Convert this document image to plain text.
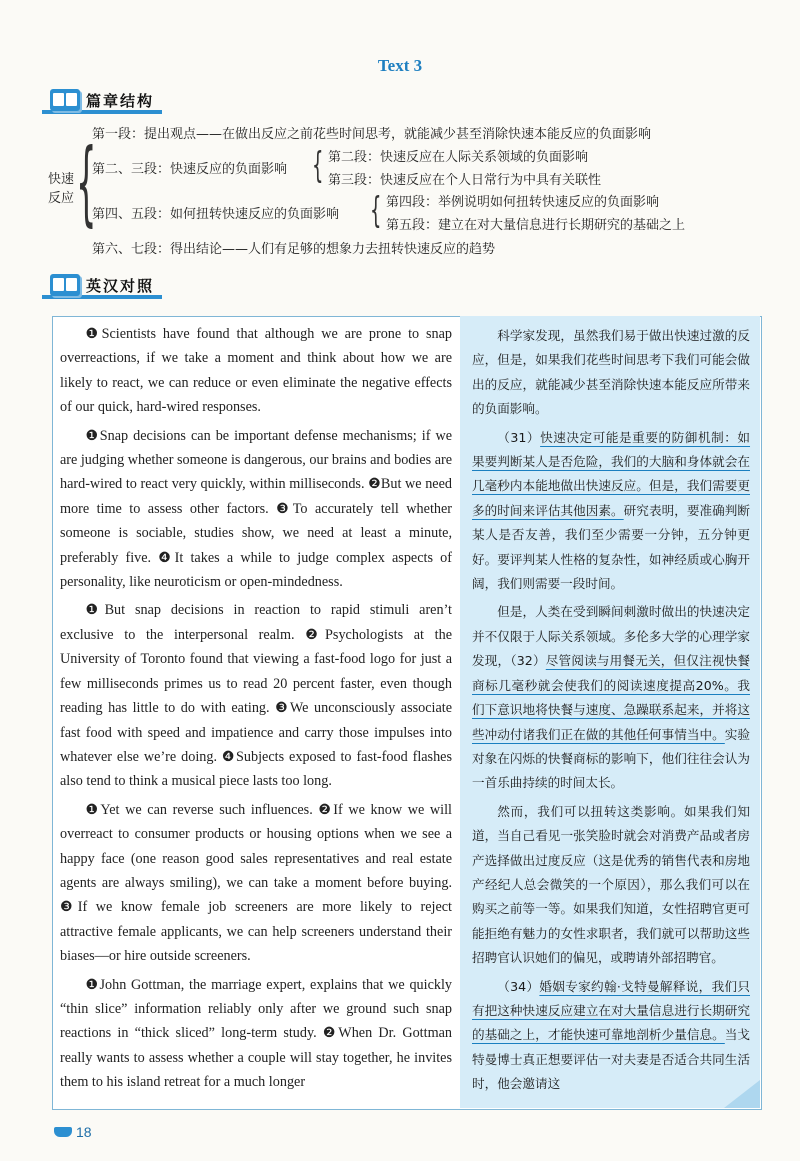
Text 3
篇章结构
快速反应 {
第一段：提出观点——在做出反应之前花些时间思考，就能减少甚至消除快速本能反应的负面影响
第二、三段：快速反应的负面影响 { 第二段：快速反应在人际关系领域的负面影响
第三段：快速反应在个人日常行为中具有关联性
第四、五段：如何扭转快速反应的负面影响 { 第四段：举例说明如何扭转快速反应的负面影响
第五段：建立在对大量信息进行长期研究的基础之上
第六、七段：得出结论——人们有足够的想象力去扭转快速反应的趋势
英汉对照

❶Scientists have found that although we are prone to snap overreactions, if we take a moment and think about how we are likely to react, we can reduce or even eliminate the negative effects of our quick, hard-wired responses.

❶Snap decisions can be important defense mechanisms; if we are judging whether someone is dangerous, our brains and bodies are hard-wired to react very quickly, within milliseconds. ❷But we need more time to assess other factors. ❸To accurately tell whether someone is sociable, studies show, we need at least a minute, preferably five. ❹It takes a while to judge complex aspects of personality, like neuroticism or open-mindedness.

❶But snap decisions in reaction to rapid stimuli aren’t exclusive to the interpersonal realm. ❷Psychologists at the University of Toronto found that viewing a fast-food logo for just a few milliseconds primes us to read 20 percent faster, even though reading has little to do with eating. ❸We unconsciously associate fast food with speed and impatience and carry those impulses into whatever else we’re doing. ❹Subjects exposed to fast-food flashes also tend to think a musical piece lasts too long.

❶Yet we can reverse such influences. ❷If we know we will overreact to consumer products or housing options when we see a happy face (one reason good sales representatives and real estate agents are always smiling), we can take a moment before buying. ❸If we know female job screeners are more likely to reject attractive female applicants, we can help screeners understand their biases—or hire outside screeners.

❶John Gottman, the marriage expert, explains that we quickly “thin slice” information reliably only after we ground such snap reactions in “thick sliced” long-term study. ❷When Dr. Gottman really wants to assess whether a couple will stay together, he invites them to his island retreat for a much longer

科学家发现，虽然我们易于做出快速过激的反应，但是，如果我们花些时间思考下我们可能会做出的反应，就能减少甚至消除快速本能反应所带来的负面影响。

（31）快速决定可能是重要的防御机制：如果要判断某人是否危险，我们的大脑和身体就会在几毫秒内本能地做出快速反应。但是，我们需要更多的时间来评估其他因素。研究表明，要准确判断某人是否友善，我们至少需要一分钟，五分钟更好。要评判某人性格的复杂性，如神经质或心胸开阔，我们则需要一段时间。

但是，人类在受到瞬间刺激时做出的快速决定并不仅限于人际关系领域。多伦多大学的心理学家发现，（32）尽管阅读与用餐无关，但仅注视快餐商标几毫秒就会使我们的阅读速度提高20%。我们下意识地将快餐与速度、急躁联系起来，并将这些冲动付诸我们正在做的其他任何事情当中。实验对象在闪烁的快餐商标的影响下，他们往往会认为一首乐曲持续的时间太长。

然而，我们可以扭转这类影响。如果我们知道，当自己看见一张笑脸时就会对消费产品或者房产选择做出过度反应（这是优秀的销售代表和房地产经纪人总会微笑的一个原因），那么我们可以在购买之前等一等。如果我们知道，女性招聘官更可能拒绝有魅力的女性求职者，我们就可以帮助这些招聘官认识她们的偏见，或聘请外部招聘官。

（34）婚姻专家约翰·戈特曼解释说，我们只有把这种快速反应建立在对大量信息进行长期研究的基础之上，才能快速可靠地剖析少量信息。当戈特曼博士真正想要评估一对夫妻是否适合共同生活时，他会邀请这

18
